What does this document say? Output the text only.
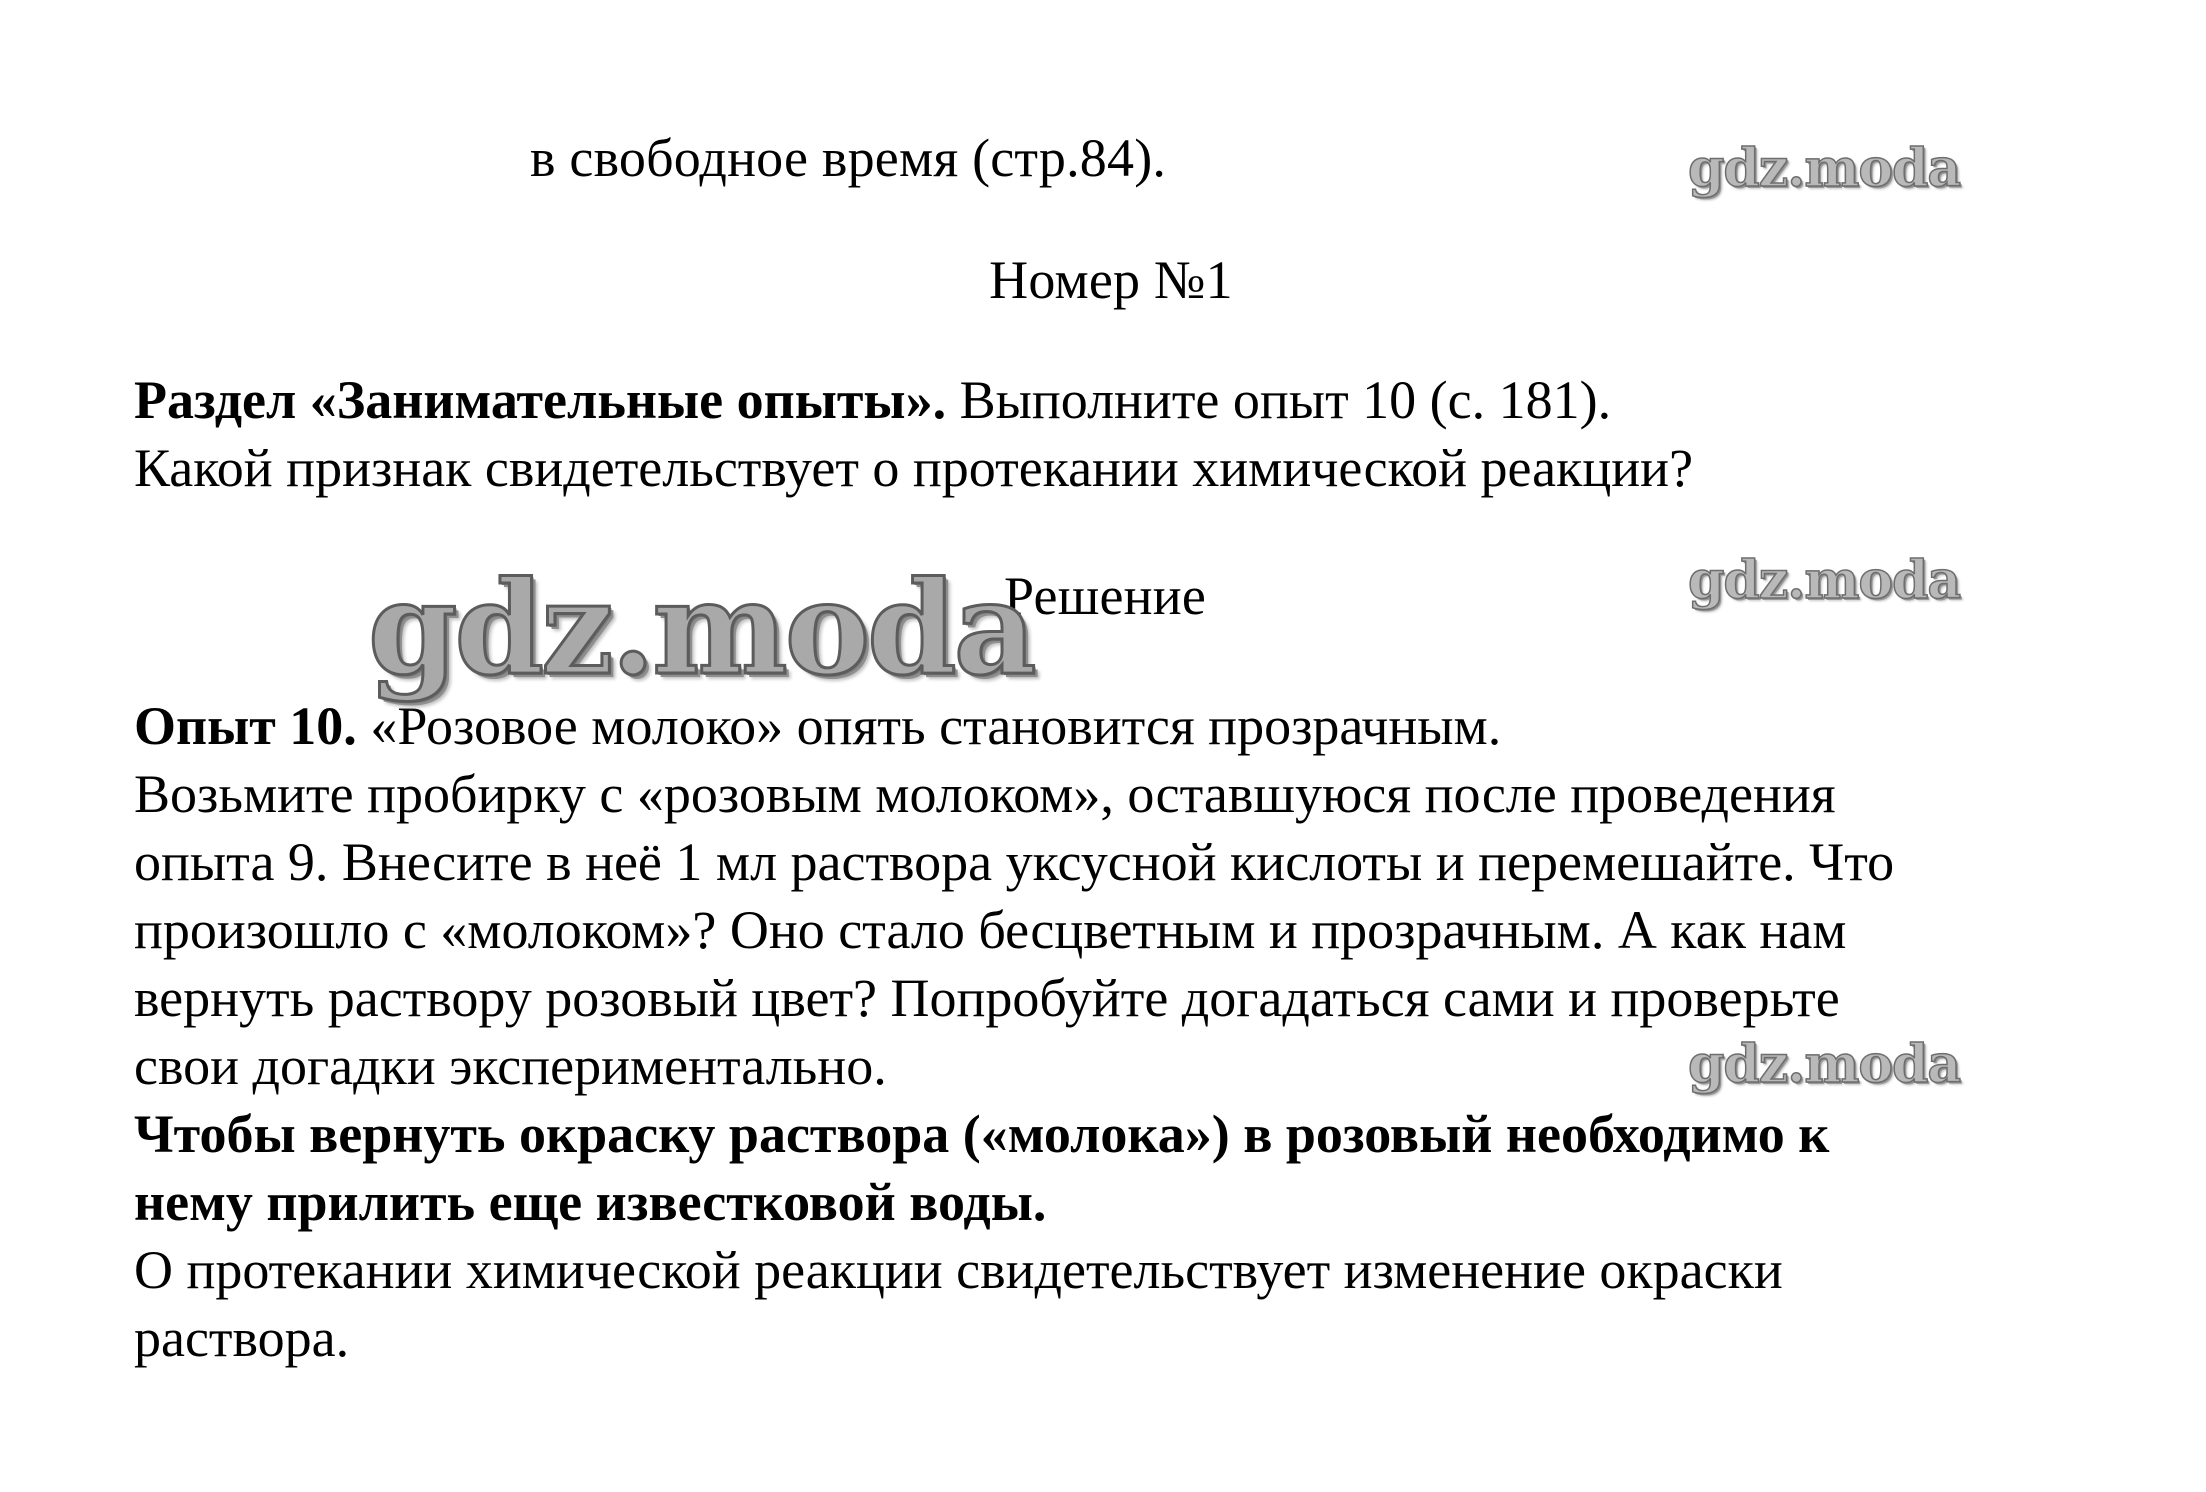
в свободное время (стр.84).
Номер №1
Раздел «Занимательные опыты». Выполните опыт 10 (с. 181).
Какой признак свидетельствует о протекании химической реакции?
Решение
Опыт 10. «Розовое молоко» опять становится прозрачным.
Возьмите пробирку с «розовым молоком», оставшуюся после проведения
опыта 9. Внесите в неё 1 мл раствора уксусной кислоты и перемешайте. Что
произошло с «молоком»? Оно стало бесцветным и прозрачным. А как нам
вернуть раствору розовый цвет? Попробуйте догадаться сами и проверьте
свои догадки экспериментально.
Чтобы вернуть окраску раствора («молока») в розовый необходимо к
нему прилить еще известковой воды.
О протекании химической реакции свидетельствует изменение окраски
раствора.
gdz.moda
gdz.moda
gdz.moda
gdz.moda
